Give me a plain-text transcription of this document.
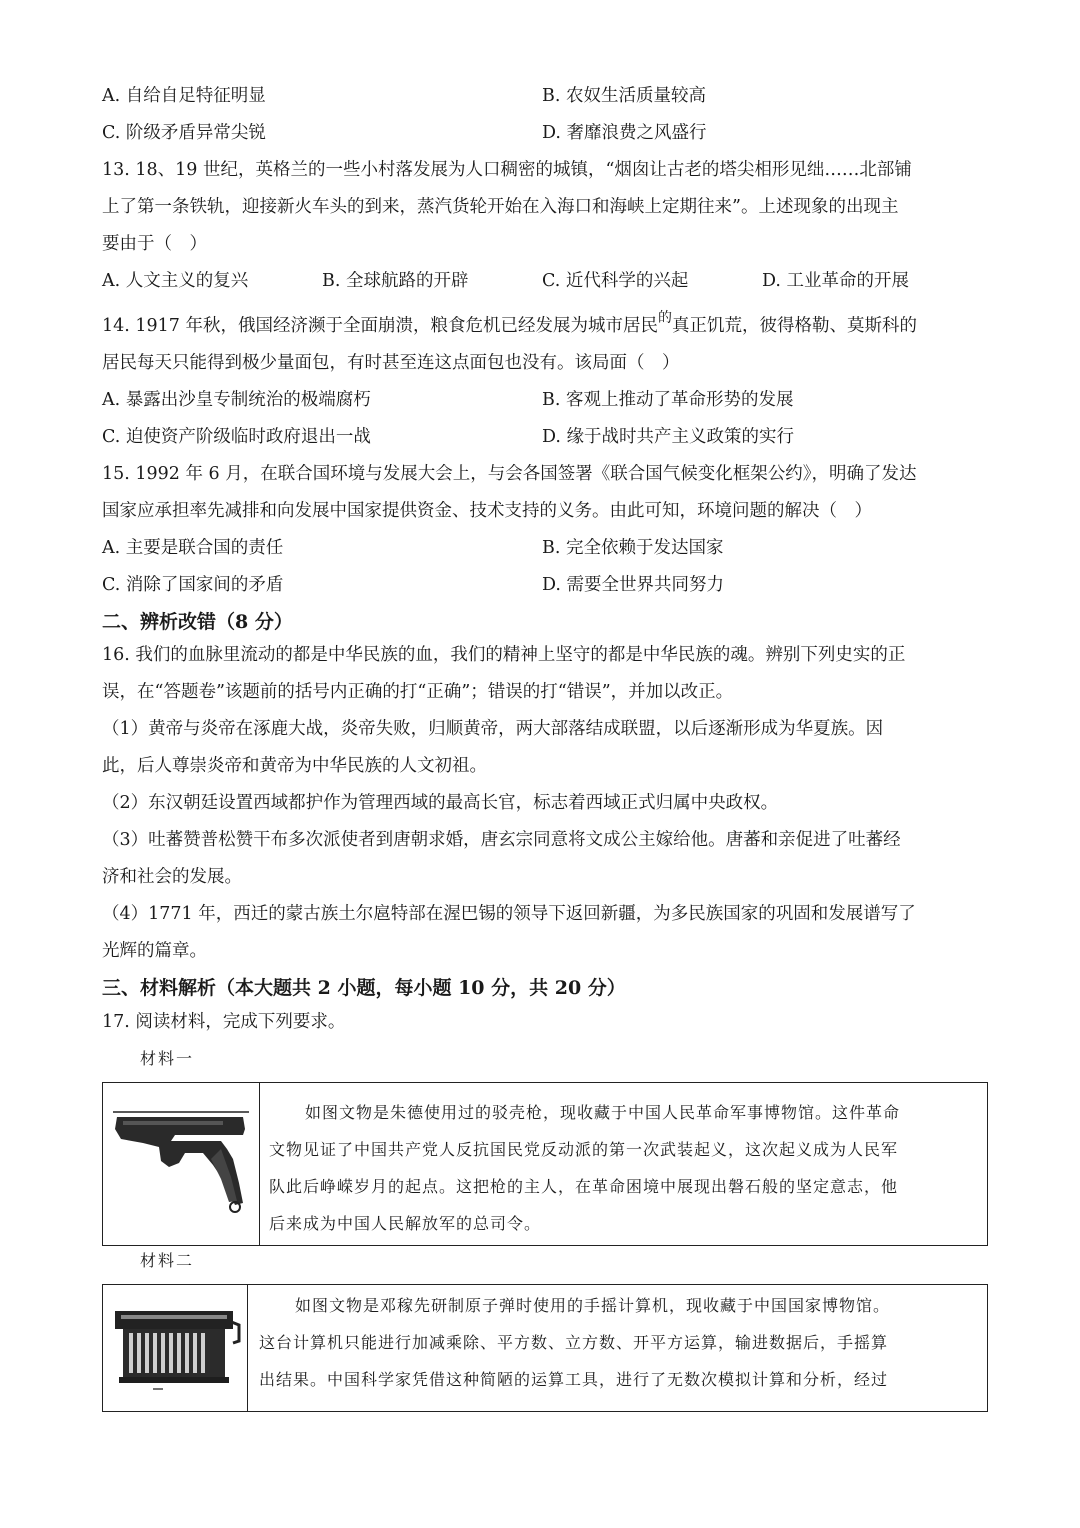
A. 自给自足特征明显	B. 农奴生活质量较高
C. 阶级矛盾异常尖锐	D. 奢靡浪费之风盛行
13. 18、19 世纪，英格兰的一些小村落发展为人口稠密的城镇，“烟囱让古老的塔尖相形见绌……北部铺
上了第一条铁轨，迎接新火车头的到来，蒸汽货轮开始在入海口和海峡上定期往来”。上述现象的出现主
要由于（　）
A. 人文主义的复兴	B. 全球航路的开辟	C. 近代科学的兴起	D. 工业革命的开展
14. 1917 年秋，俄国经济濒于全面崩溃，粮食危机已经发展为城市居民$^的$真正饥荒，彼得格勒、莫斯科的
居民每天只能得到极少量面包，有时甚至连这点面包也没有。该局面（　）
A. 暴露出沙皇专制统治的极端腐朽	B. 客观上推动了革命形势的发展
C. 迫使资产阶级临时政府退出一战	D. 缘于战时共产主义政策的实行
15. 1992 年 6 月，在联合国环境与发展大会上，与会各国签署《联合国气候变化框架公约》，明确了发达
国家应承担率先减排和向发展中国家提供资金、技术支持的义务。由此可知，环境问题的解决（　）
A. 主要是联合国的责任	B. 完全依赖于发达国家
C. 消除了国家间的矛盾	D. 需要全世界共同努力
二、辨析改错（8 分）
16. 我们的血脉里流动的都是中华民族的血，我们的精神上坚守的都是中华民族的魂。辨别下列史实的正
误，在“答题卷”该题前的括号内正确的打“正确”；错误的打“错误”，并加以改正。
（1）黄帝与炎帝在涿鹿大战，炎帝失败，归顺黄帝，两大部落结成联盟，以后逐渐形成为华夏族。因
此，后人尊崇炎帝和黄帝为中华民族的人文初祖。
（2）东汉朝廷设置西域都护作为管理西域的最高长官，标志着西域正式归属中央政权。
（3）吐蕃赞普松赞干布多次派使者到唐朝求婚，唐玄宗同意将文成公主嫁给他。唐蕃和亲促进了吐蕃经
济和社会的发展。
（4）1771 年，西迁的蒙古族土尔扈特部在渥巴锡的领导下返回新疆，为多民族国家的巩固和发展谱写了
光辉的篇章。
三、材料解析（本大题共 2 小题，每小题 10 分，共 20 分）
17. 阅读材料，完成下列要求。
材料一
如图文物是朱德使用过的驳壳枪，现收藏于中国人民革命军事博物馆。这件革命
文物见证了中国共产党人反抗国民党反动派的第一次武装起义，这次起义成为人民军
队此后峥嵘岁月的起点。这把枪的主人，在革命困境中展现出磐石般的坚定意志，他
后来成为中国人民解放军的总司令。
材料二
如图文物是邓稼先研制原子弹时使用的手摇计算机，现收藏于中国国家博物馆。
这台计算机只能进行加减乘除、平方数、立方数、开平方运算，输进数据后，手摇算
出结果。中国科学家凭借这种简陋的运算工具，进行了无数次模拟计算和分析，经过
